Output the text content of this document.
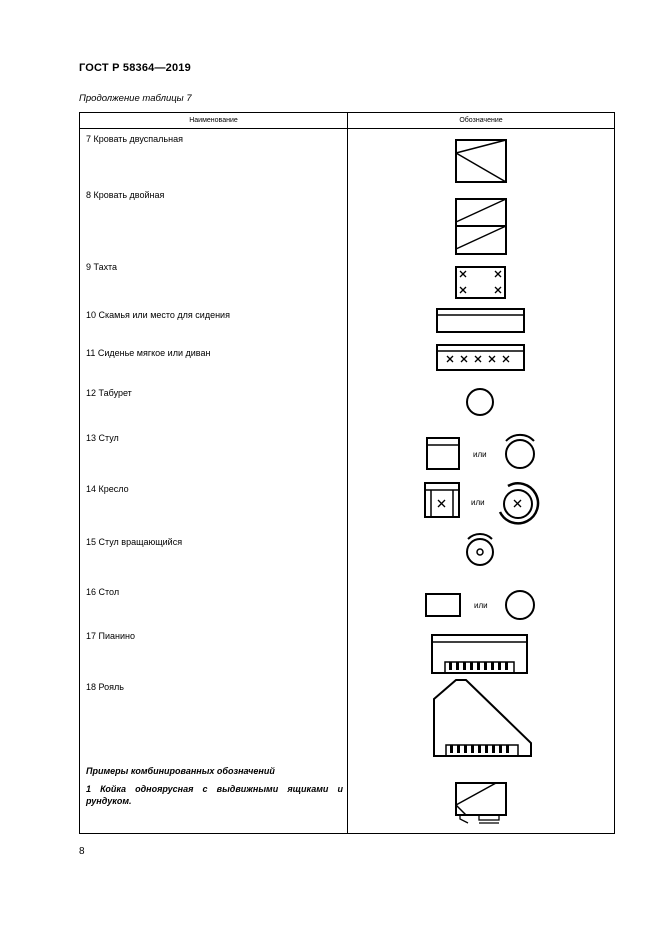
ГОСТ Р 58364—2019
Продолжение таблицы 7
Наименование	Обозначение

7 Кровать двуспальная

8 Кровать двойная

9 Тахта

10 Скамья или место для сидения

11 Сиденье мягкое или диван

12 Табурет

13 Стул	или

14 Кресло	или

15 Стул вращающийся

16 Стол	или

17 Пианино

18 Рояль

Примеры комбинированных обозначений
1 Койка одноярусная с выдвижными ящиками и рундуком.

8
